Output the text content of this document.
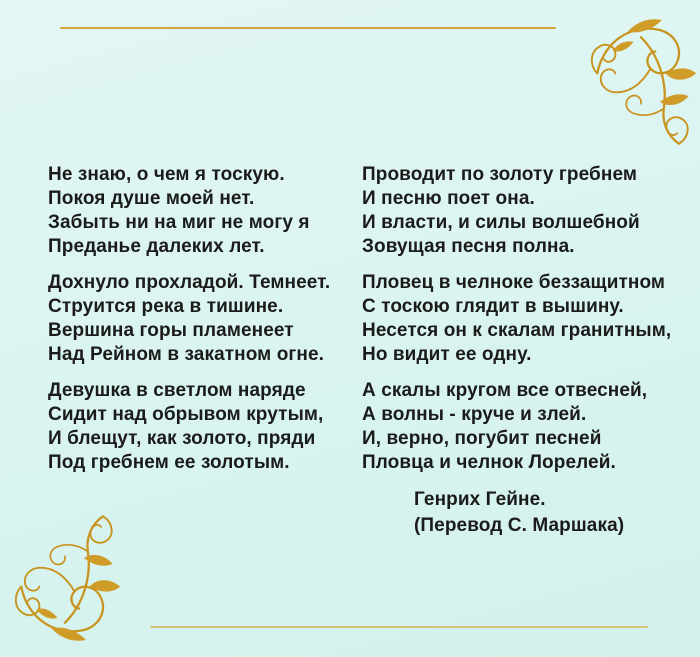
Не знаю, о чем я тоскую.
Покоя душе моей нет.
Забыть ни на миг не могу я
Преданье далеких лет.
Дохнуло прохладой. Темнеет.
Струится река в тишине.
Вершина горы пламенеет
Над Рейном в закатном огне.
Девушка в светлом наряде
Сидит над обрывом крутым,
И блещут, как золото, пряди
Под гребнем ее золотым.
Проводит по золоту гребнем
И песню поет она.
И власти, и силы волшебной
Зовущая песня полна.
Пловец в челноке беззащитном
С тоскою глядит в вышину.
Несется он к скалам гранитным,
Но видит ее одну.
А скалы кругом все отвесней,
А волны - круче и злей.
И, верно, погубит песней
Пловца и челнок Лорелей.
Генрих Гейне.
(Перевод С. Маршака)
